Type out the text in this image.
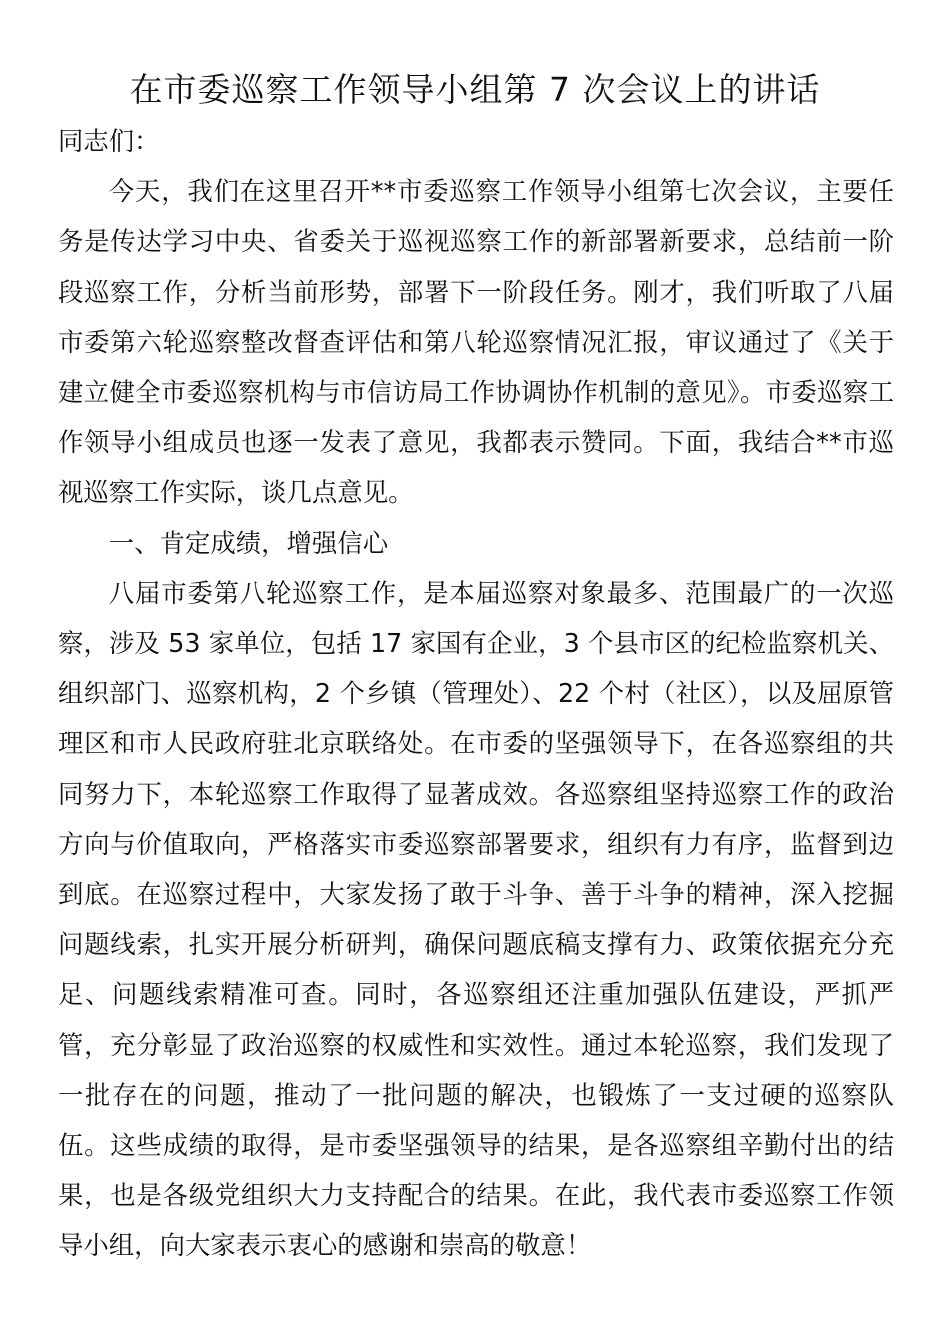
在市委巡察工作领导小组第 7 次会议上的讲话

同志们：

今天，我们在这里召开**市委巡察工作领导小组第七次会议，主要任务是传达学习中央、省委关于巡视巡察工作的新部署新要求，总结前一阶段巡察工作，分析当前形势，部署下一阶段任务。刚才，我们听取了八届市委第六轮巡察整改督查评估和第八轮巡察情况汇报，审议通过了《关于建立健全市委巡察机构与市信访局工作协调协作机制的意见》。市委巡察工作领导小组成员也逐一发表了意见，我都表示赞同。下面，我结合**市巡视巡察工作实际，谈几点意见。

一、肯定成绩，增强信心

八届市委第八轮巡察工作，是本届巡察对象最多、范围最广的一次巡察，涉及 53 家单位，包括 17 家国有企业，3 个县市区的纪检监察机关、组织部门、巡察机构，2 个乡镇（管理处）、22 个村（社区），以及屈原管理区和市人民政府驻北京联络处。在市委的坚强领导下，在各巡察组的共同努力下，本轮巡察工作取得了显著成效。各巡察组坚持巡察工作的政治方向与价值取向，严格落实市委巡察部署要求，组织有力有序，监督到边到底。在巡察过程中，大家发扬了敢于斗争、善于斗争的精神，深入挖掘问题线索，扎实开展分析研判，确保问题底稿支撑有力、政策依据充分充足、问题线索精准可查。同时，各巡察组还注重加强队伍建设，严抓严管，充分彰显了政治巡察的权威性和实效性。通过本轮巡察，我们发现了一批存在的问题，推动了一批问题的解决，也锻炼了一支过硬的巡察队伍。这些成绩的取得，是市委坚强领导的结果，是各巡察组辛勤付出的结果，也是各级党组织大力支持配合的结果。在此，我代表市委巡察工作领导小组，向大家表示衷心的感谢和崇高的敬意！
